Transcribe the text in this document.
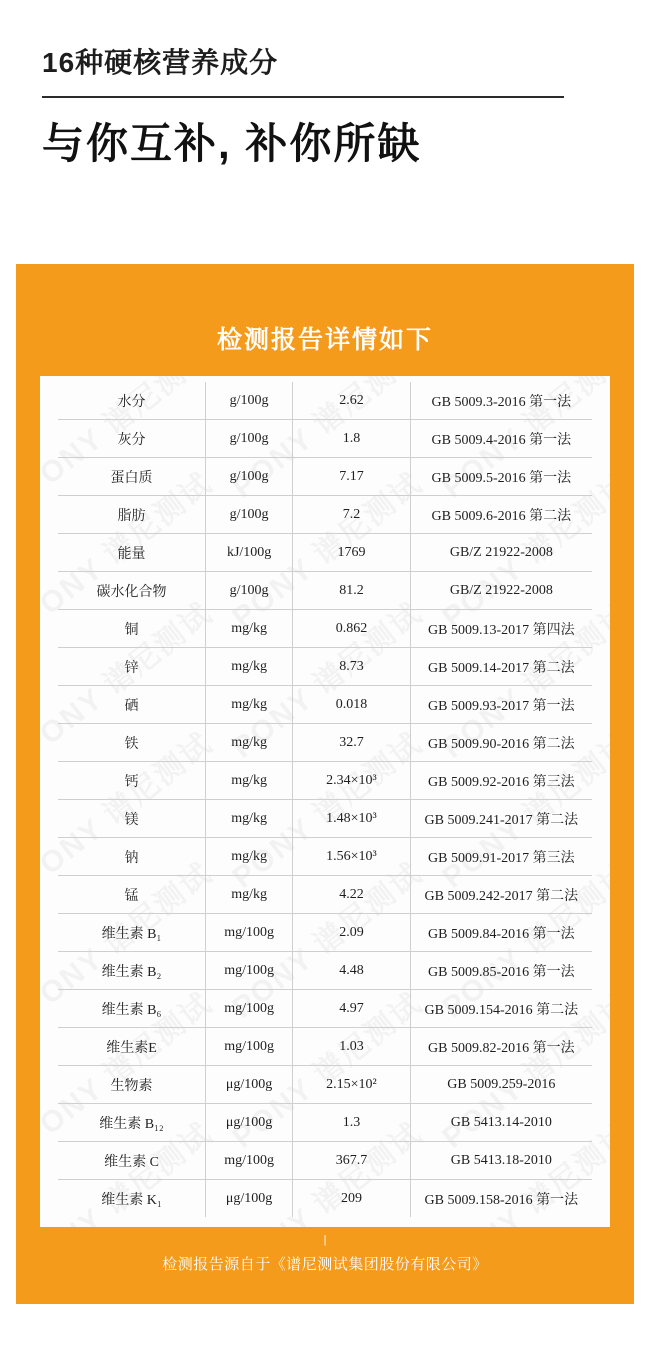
16种硬核营养成分
与你互补, 补你所缺
检测报告详情如下
水分	g/100g	2.62	GB 5009.3-2016 第一法
灰分	g/100g	1.8	GB 5009.4-2016 第一法
蛋白质	g/100g	7.17	GB 5009.5-2016 第一法
脂肪	g/100g	7.2	GB 5009.6-2016 第二法
能量	kJ/100g	1769	GB/Z 21922-2008
碳水化合物	g/100g	81.2	GB/Z 21922-2008
铜	mg/kg	0.862	GB 5009.13-2017 第四法
锌	mg/kg	8.73	GB 5009.14-2017 第二法
硒	mg/kg	0.018	GB 5009.93-2017 第一法
铁	mg/kg	32.7	GB 5009.90-2016 第二法
钙	mg/kg	2.34×10³	GB 5009.92-2016 第三法
镁	mg/kg	1.48×10³	GB 5009.241-2017 第二法
钠	mg/kg	1.56×10³	GB 5009.91-2017 第三法
锰	mg/kg	4.22	GB 5009.242-2017 第二法
维生素 B₁	mg/100g	2.09	GB 5009.84-2016 第一法
维生素 B₂	mg/100g	4.48	GB 5009.85-2016 第一法
维生素 B₆	mg/100g	4.97	GB 5009.154-2016 第二法
维生素E	mg/100g	1.03	GB 5009.82-2016 第一法
生物素	μg/100g	2.15×10²	GB 5009.259-2016
维生素 B₁₂	μg/100g	1.3	GB 5413.14-2010
维生素 C	mg/100g	367.7	GB 5413.18-2010
维生素 K₁	μg/100g	209	GB 5009.158-2016 第一法
|
检测报告源自于《谱尼测试集团股份有限公司》
